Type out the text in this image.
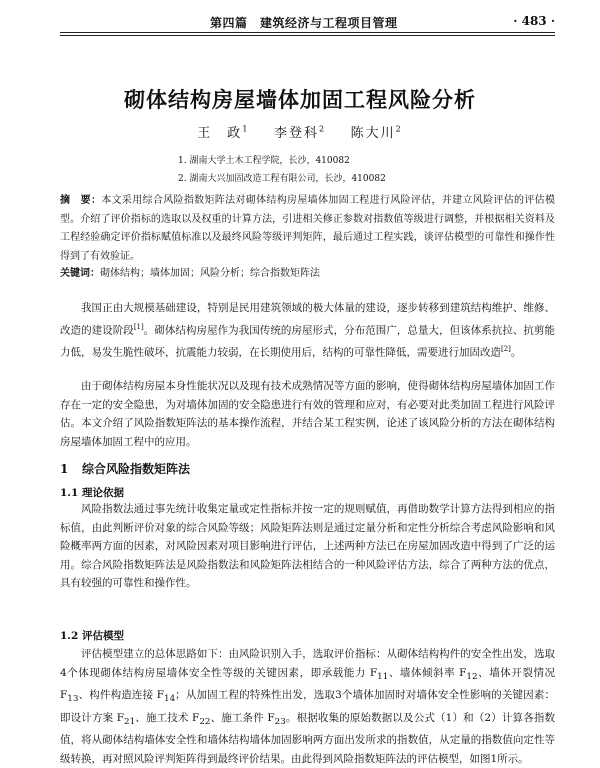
第四篇　建筑经济与工程项目管理	· 483 ·
砌体结构房屋墙体加固工程风险分析
王　政$^1$ 李登科$^2$ 陈大川$^2$
1. 湖南大学土木工程学院，长沙，410082
2. 湖南大兴加固改造工程有限公司，长沙，410082

摘　要：本文采用综合风险指数矩阵法对砌体结构房屋墙体加固工程进行风险评估，并建立风险评估的评估模型。介绍了评价指标的选取以及权重的计算方法，引进相关修正参数对指数值等级进行调整，并根据相关资料及工程经验确定评价指标赋值标准以及最终风险等级评判矩阵，最后通过工程实践，谈评估模型的可靠性和操作性得到了有效验证。

关键词：砌体结构；墙体加固；风险分析；综合指数矩阵法

我国正由大规模基础建设，特别是民用建筑领域的极大体量的建设，逐步转移到建筑结构维护、维修、改造的建设阶段[1]。砌体结构房屋作为我国传统的房屋形式，分布范围广，总量大，但该体系抗拉、抗剪能力低，易发生脆性破坏，抗震能力较弱，在长期使用后，结构的可靠性降低，需要进行加固改造[2]。

由于砌体结构房屋本身性能状况以及现有技术成熟情况等方面的影响，使得砌体结构房屋墙体加固工作存在一定的安全隐患，为对墙体加固的安全隐患进行有效的管理和应对，有必要对此类加固工程进行风险评估。本文介绍了风险指数矩阵法的基本操作流程，并结合某工程实例，论述了该风险分析的方法在砌体结构房屋墙体加固工程中的应用。

1 综合风险指数矩阵法
1.1 理论依据

风险指数法通过事先统计收集定量或定性指标并按一定的规则赋值，再借助数学计算方法得到相应的指标值，由此判断评价对象的综合风险等级；风险矩阵法则是通过定量分析和定性分析综合考虑风险影响和风险概率两方面的因素，对风险因素对项目影响进行评估，上述两种方法已在房屋加固改造中得到了广泛的运用。综合风险指数矩阵法是风险指数法和风险矩阵法相结合的一种风险评估方法，综合了两种方法的优点，具有较强的可靠性和操作性。

1.2 评估模型

评估模型建立的总体思路如下：由风险识别入手，选取评价指标：从砌体结构构件的安全性出发，选取4个体现砌体结构房屋墙体安全性等级的关键因素，即承载能力 $F_{11}$、墙体倾斜率 $F_{12}$、墙体开裂情况 $F_{13}$、构件构造连接 $F_{14}$；从加固工程的特殊性出发，选取3个墙体加固时对墙体安全性影响的关键因素：即设计方案 $F_{21}$、施工技术 $F_{22}$、施工条件 $F_{23}$。根据收集的原始数据以及公式（1）和（2）计算各指数值，将从砌体结构墙体安全性和墙体结构墙体加固影响两方面出发所求的指数值，从定量的指数值向定性等级转换，再对照风险评判矩阵得到最终评价结果。由此得到风险指数矩阵法的评估模型，如图1所示。
